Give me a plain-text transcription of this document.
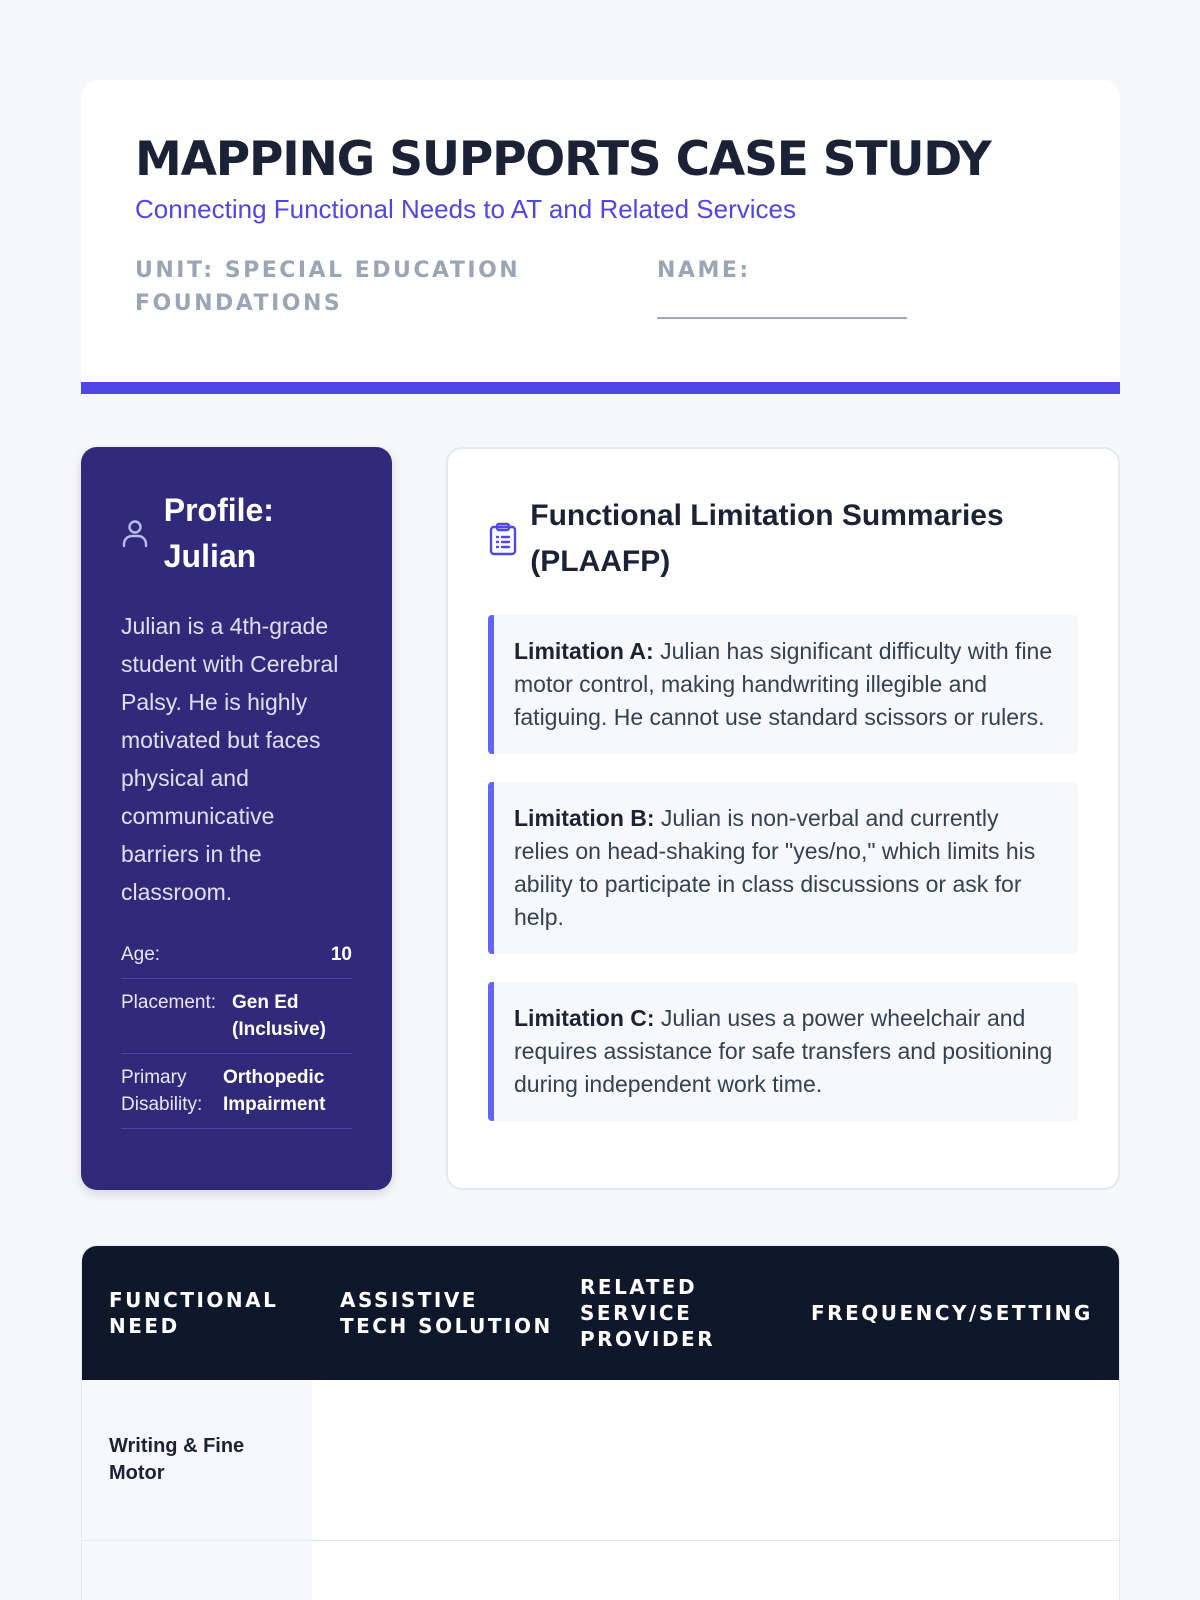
MAPPING SUPPORTS CASE STUDY
Connecting Functional Needs to AT and Related Services
UNIT: SPECIAL EDUCATION FOUNDATIONS
NAME:
_________________________
Profile: Julian

Julian is a 4th-grade student with Cerebral Palsy. He is highly motivated but faces physical and communicative barriers in the classroom.

Age:	10
Placement: Gen Ed (Inclusive)
Primary Disability:
Orthopedic Impairment
Functional Limitation Summaries (PLAAFP)
Limitation A: Julian has significant difficulty with fine motor control, making handwriting illegible and fatiguing. He cannot use standard scissors or rulers.
Limitation B: Julian is non-verbal and currently relies on head-shaking for "yes/no," which limits his ability to participate in class discussions or ask for help.
Limitation C: Julian uses a power wheelchair and requires assistance for safe transfers and positioning during independent work time.
FUNCTIONAL NEED	ASSISTIVE TECH SOLUTION	RELATED SERVICE PROVIDER	FREQUENCY/SETTING
Writing & Fine Motor			
